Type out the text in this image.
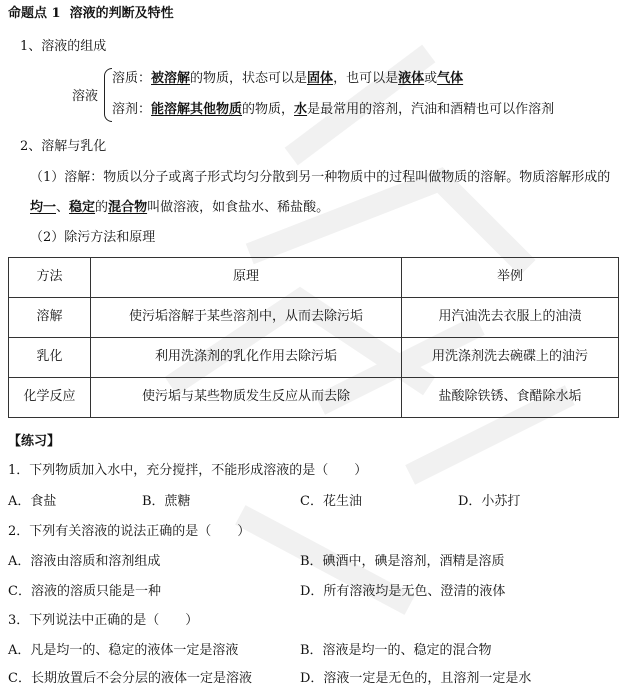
命题点 1 溶液的判断及特性
1、溶液的组成
溶液
溶质：被溶解的物质，状态可以是固体，也可以是液体或气体
溶剂：能溶解其他物质的物质，水是最常用的溶剂，汽油和酒精也可以作溶剂
2、溶解与乳化
（1）溶解：物质以分子或离子形式均匀分散到另一种物质中的过程叫做物质的溶解。物质溶解形成的
均一、稳定的混合物叫做溶液，如食盐水、稀盐酸。
（2）除污方法和原理
方法	原理	举例
溶解	使污垢溶解于某些溶剂中，从而去除污垢	用汽油洗去衣服上的油渍
乳化	利用洗涤剂的乳化作用去除污垢	用洗涤剂洗去碗碟上的油污
化学反应	使污垢与某些物质发生反应从而去除	盐酸除铁锈、食醋除水垢
【练习】
1．下列物质加入水中，充分搅拌，不能形成溶液的是（　　）
A．食盐	B．蔗糖	C．花生油	D．小苏打
2．下列有关溶液的说法正确的是（　　）
A．溶液由溶质和溶剂组成	B．碘酒中，碘是溶剂，酒精是溶质
C．溶液的溶质只能是一种	D．所有溶液均是无色、澄清的液体
3．下列说法中正确的是（　　）
A．凡是均一的、稳定的液体一定是溶液	B．溶液是均一的、稳定的混合物
C．长期放置后不会分层的液体一定是溶液	D．溶液一定是无色的，且溶剂一定是水
